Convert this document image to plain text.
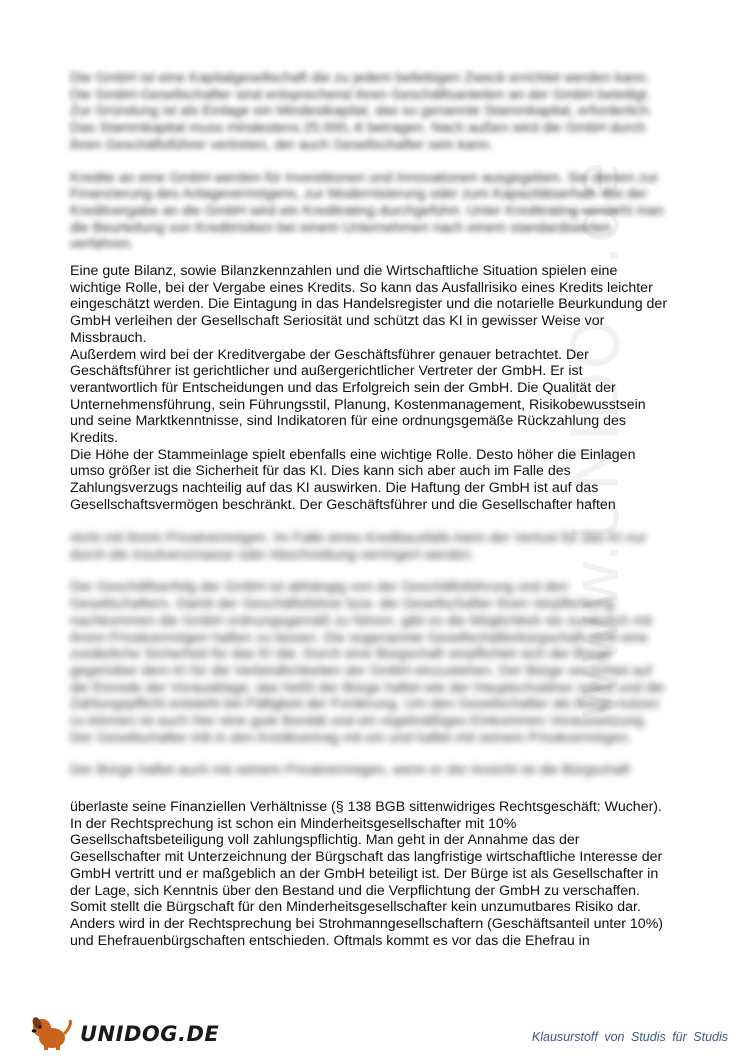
www.UNIDOG.de

Die GmbH ist eine Kapitalgesellschaft die zu jedem beliebigen Zweck errichtet werden kann. Die GmbH-Gesellschafter sind entsprechend ihren Geschäftsanteilen an der GmbH beteiligt. Zur Gründung ist als Einlage ein Mindestkapital, das so genannte Stammkapital, erforderlich. Das Stammkapital muss mindestens 25.000,-€ betragen. Nach außen wird die GmbH durch ihren Geschäftsführer vertreten, der auch Gesellschafter sein kann.

Kredite an eine GmbH werden für Investitionen und Innovationen ausgegeben. Sie dienen zur Finanzierung des Anlagevermögens, zur Modernisierung oder zum Kapazitätserhalt. Bei der Kreditvergabe an die GmbH wird ein Kreditrating durchgeführt. Unter Kreditrating versteht man die Beurteilung von Kreditrisiken bei einem Unternehmen nach einem standardisierten verfahren.

Eine gute Bilanz, sowie Bilanzkennzahlen und die Wirtschaftliche Situation spielen eine wichtige Rolle, bei der Vergabe eines Kredits. So kann das Ausfallrisiko eines Kredits leichter eingeschätzt werden. Die Eintagung in das Handelsregister und die notarielle Beurkundung der GmbH verleihen der Gesellschaft Seriosität und schützt das KI in gewisser Weise vor Missbrauch.

Außerdem wird bei der Kreditvergabe der Geschäftsführer genauer betrachtet. Der Geschäftsführer ist gerichtlicher und außergerichtlicher Vertreter der GmbH. Er ist verantwortlich für Entscheidungen und das Erfolgreich sein der GmbH. Die Qualität der Unternehmensführung, sein Führungsstil, Planung, Kostenmanagement, Risikobewusstsein und seine Marktkenntnisse, sind Indikatoren für eine ordnungsgemäße Rückzahlung des Kredits.

Die Höhe der Stammeinlage spielt ebenfalls eine wichtige Rolle. Desto höher die Einlagen umso größer ist die Sicherheit für das KI. Dies kann sich aber auch im Falle des Zahlungsverzugs nachteilig auf das KI auswirken. Die Haftung der GmbH ist auf das Gesellschaftsvermögen beschränkt. Der Geschäftsführer und die Gesellschafter haften

nicht mit ihrem Privatvermögen. Im Falle eines Kreditausfalls kann der Verlust für das KI nur durch die Insolvenzmasse oder Abschreibung verringert werden.

Der Geschäftserfolg der GmbH ist abhängig von der Geschäftsführung und den Gesellschaftern. Damit der Geschäftsführer bzw. die Gesellschafter ihren Verpflichtung nachkommen die GmbH ordnungsgemäß zu führen, gibt es die Möglichkeit sie zusätzlich mit ihrem Privatvermögen haften zu lassen. Die sogenannte Gesellschafterbürgschaft stellt eine zusätzliche Sicherheit für das KI dar. Durch eine Bürgschaft verpflichtet sich der Bürge gegenüber dem KI für die Verbindlichkeiten der GmbH einzustehen. Der Bürge verzichtet auf die Einrede der Vorausklage, das heißt der Bürge haftet wie der Hauptschuldner selbst und die Zahlungspflicht entsteht bei Fälligkeit der Forderung. Um den Gesellschafter als Bürge nutzen zu können ist auch hier eine gute Bonität und ein regelmäßiges Einkommen Voraussetzung. Der Gesellschafter tritt in den Kreditvertrag mit ein und haftet mit seinem Privatvermögen.

Der Bürge haftet auch mit seinem Privatvermögen, wenn er der Ansicht ist die Bürgschaft

überlaste seine Finanziellen Verhältnisse (§ 138 BGB sittenwidriges Rechtsgeschäft: Wucher). In der Rechtsprechung ist schon ein Minderheitsgesellschafter mit 10% Gesellschaftsbeteiligung voll zahlungspflichtig. Man geht in der Annahme das der Gesellschafter mit Unterzeichnung der Bürgschaft das langfristige wirtschaftliche Interesse der GmbH vertritt und er maßgeblich an der GmbH beteiligt ist. Der Bürge ist als Gesellschafter in der Lage, sich Kenntnis über den Bestand und die Verpflichtung der GmbH zu verschaffen. Somit stellt die Bürgschaft für den Minderheitsgesellschafter kein unzumutbares Risiko dar.

Anders wird in der Rechtsprechung bei Strohmanngesellschaftern (Geschäftsanteil unter 10%) und Ehefrauenbürgschaften entschieden. Oftmals kommt es vor das die Ehefrau in

UNIDOG.DE	Klausurstoff von Studis für Studis
